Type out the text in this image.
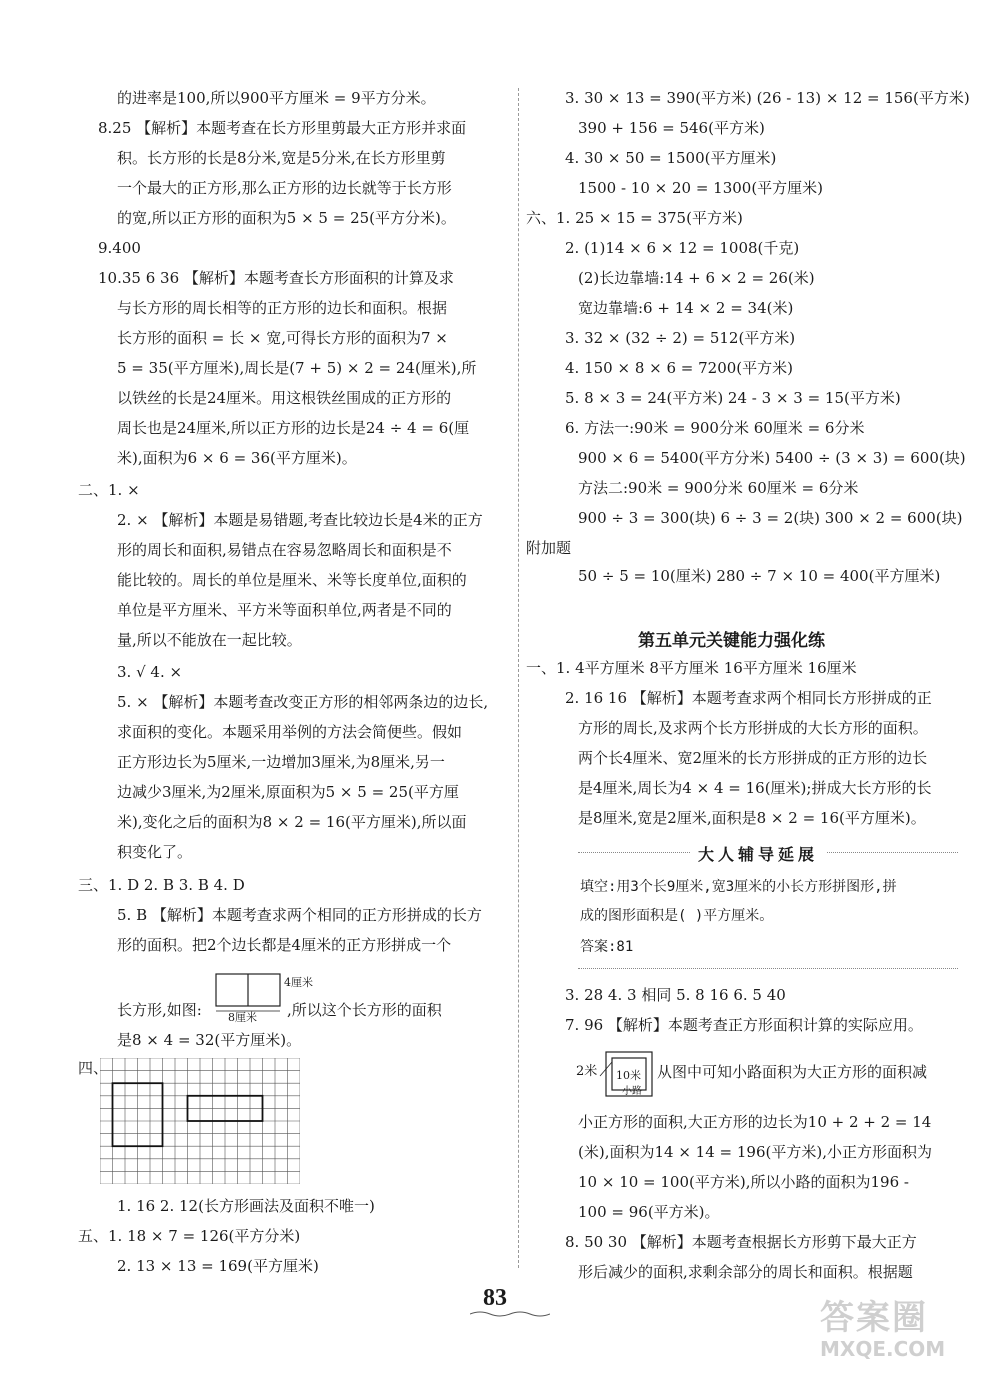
的进率是100,所以900平方厘米 = 9平方分米。
8.25 【解析】本题考查在长方形里剪最大正方形并求面
积。长方形的长是8分米,宽是5分米,在长方形里剪
一个最大的正方形,那么正方形的边长就等于长方形
的宽,所以正方形的面积为5 × 5 = 25(平方分米)。
9.400
10.35 6 36 【解析】本题考查长方形面积的计算及求
与长方形的周长相等的正方形的边长和面积。根据
长方形的面积 = 长 × 宽,可得长方形的面积为7 ×
5 = 35(平方厘米),周长是(7 + 5) × 2 = 24(厘米),所
以铁丝的长是24厘米。用这根铁丝围成的正方形的
周长也是24厘米,所以正方形的边长是24 ÷ 4 = 6(厘
米),面积为6 × 6 = 36(平方厘米)。
二、1. ×
2. × 【解析】本题是易错题,考查比较边长是4米的正方
形的周长和面积,易错点在容易忽略周长和面积是不
能比较的。周长的单位是厘米、米等长度单位,面积的
单位是平方厘米、平方米等面积单位,两者是不同的
量,所以不能放在一起比较。
3. √ 4. ×
5. × 【解析】本题考查改变正方形的相邻两条边的边长,
求面积的变化。本题采用举例的方法会简便些。假如
正方形边长为5厘米,一边增加3厘米,为8厘米,另一
边减少3厘米,为2厘米,原面积为5 × 5 = 25(平方厘
米),变化之后的面积为8 × 2 = 16(平方厘米),所以面
积变化了。
三、1. D 2. B 3. B 4. D
5. B 【解析】本题考查求两个相同的正方形拼成的长方
形的面积。把2个边长都是4厘米的正方形拼成一个
长方形,如图:	,所以这个长方形的面积
是8 × 4 = 32(平方厘米)。
四、
1. 16 2. 12(长方形画法及面积不唯一)
五、1. 18 × 7 = 126(平方分米)
2. 13 × 13 = 169(平方厘米)
3. 30 × 13 = 390(平方米) (26 - 13) × 12 = 156(平方米)
390 + 156 = 546(平方米)
4. 30 × 50 = 1500(平方厘米)
1500 - 10 × 20 = 1300(平方厘米)
六、1. 25 × 15 = 375(平方米)
2. (1)14 × 6 × 12 = 1008(千克)
(2)长边靠墙:14 + 6 × 2 = 26(米)
宽边靠墙:6 + 14 × 2 = 34(米)
3. 32 × (32 ÷ 2) = 512(平方米)
4. 150 × 8 × 6 = 7200(平方米)
5. 8 × 3 = 24(平方米) 24 - 3 × 3 = 15(平方米)
6. 方法一:90米 = 900分米 60厘米 = 6分米
900 × 6 = 5400(平方分米) 5400 ÷ (3 × 3) = 600(块)
方法二:90米 = 900分米 60厘米 = 6分米
900 ÷ 3 = 300(块) 6 ÷ 3 = 2(块) 300 × 2 = 600(块)
附加题
50 ÷ 5 = 10(厘米) 280 ÷ 7 × 10 = 400(平方厘米)
一、1. 4平方厘米 8平方厘米 16平方厘米 16厘米
2. 16 16 【解析】本题考查求两个相同长方形拼成的正
方形的周长,及求两个长方形拼成的大长方形的面积。
两个长4厘米、宽2厘米的长方形拼成的正方形的边长
是4厘米,周长为4 × 4 = 16(厘米);拼成大长方形的长
是8厘米,宽是2厘米,面积是8 × 2 = 16(平方厘米)。
3. 28 4. 3 相同 5. 8 16 6. 5 40
7. 96 【解析】本题考查正方形面积计算的实际应用。
从图中可知小路面积为大正方形的面积减
小正方形的面积,大正方形的边长为10 + 2 + 2 = 14
(米),面积为14 × 14 = 196(平方米),小正方形面积为
10 × 10 = 100(平方米),所以小路的面积为196 -
100 = 96(平方米)。
8. 50 30 【解析】本题考查根据长方形剪下最大正方
形后减少的面积,求剩余部分的周长和面积。根据题
第五单元关键能力强化练
大人辅导延展
填空:用3个长9厘米,宽3厘米的小长方形拼图形,拼
成的图形面积是( )平方厘米。
答案:81
8厘米
4厘米
2米 10米
小路
83	答案圈
MXQE.COM
